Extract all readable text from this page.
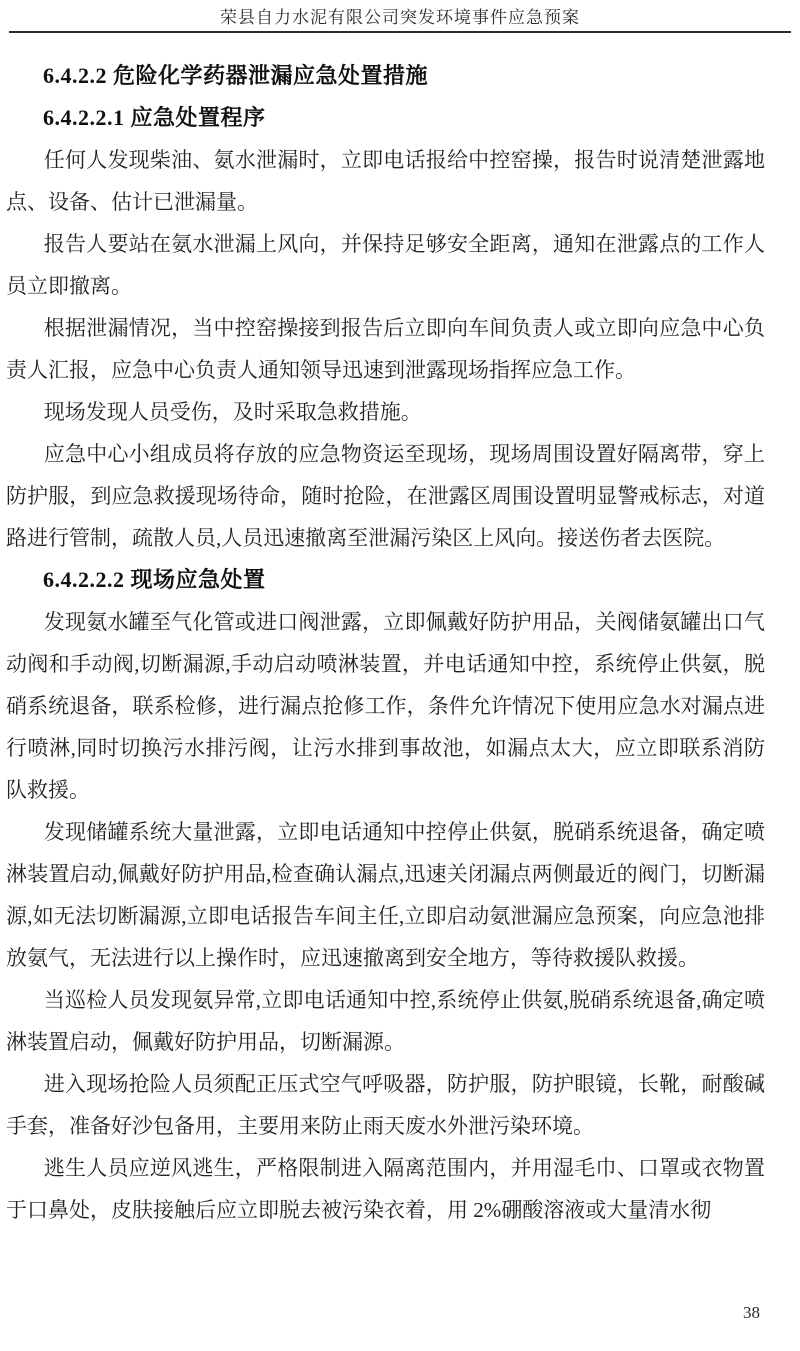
荣县自力水泥有限公司突发环境事件应急预案
6.4.2.2 危险化学药器泄漏应急处置措施
6.4.2.2.1 应急处置程序

任何人发现柴油、氨水泄漏时，立即电话报给中控窑操，报告时说清楚泄露地点、设备、估计已泄漏量。

报告人要站在氨水泄漏上风向，并保持足够安全距离，通知在泄露点的工作人员立即撤离。

根据泄漏情况，当中控窑操接到报告后立即向车间负责人或立即向应急中心负责人汇报，应急中心负责人通知领导迅速到泄露现场指挥应急工作。

现场发现人员受伤，及时采取急救措施。

应急中心小组成员将存放的应急物资运至现场，现场周围设置好隔离带，穿上防护服，到应急救援现场待命，随时抢险，在泄露区周围设置明显警戒标志，对道路进行管制，疏散人员,人员迅速撤离至泄漏污染区上风向。接送伤者去医院。

6.4.2.2.2 现场应急处置

发现氨水罐至气化管或进口阀泄露，立即佩戴好防护用品，关阀储氨罐出口气动阀和手动阀,切断漏源,手动启动喷淋装置，并电话通知中控，系统停止供氨，脱硝系统退备，联系检修，进行漏点抢修工作，条件允许情况下使用应急水对漏点进行喷淋,同时切换污水排污阀，让污水排到事故池，如漏点太大，应立即联系消防队救援。

发现储罐系统大量泄露，立即电话通知中控停止供氨，脱硝系统退备，确定喷淋装置启动,佩戴好防护用品,检查确认漏点,迅速关闭漏点两侧最近的阀门，切断漏源,如无法切断漏源,立即电话报告车间主任,立即启动氨泄漏应急预案，向应急池排放氨气，无法进行以上操作时，应迅速撤离到安全地方，等待救援队救援。

当巡检人员发现氨异常,立即电话通知中控,系统停止供氨,脱硝系统退备,确定喷淋装置启动，佩戴好防护用品，切断漏源。

进入现场抢险人员须配正压式空气呼吸器，防护服，防护眼镜，长靴，耐酸碱手套，准备好沙包备用，主要用来防止雨天废水外泄污染环境。

逃生人员应逆风逃生，严格限制进入隔离范围内，并用湿毛巾、口罩或衣物置于口鼻处，皮肤接触后应立即脱去被污染衣着，用 2%硼酸溶液或大量清水彻

38
